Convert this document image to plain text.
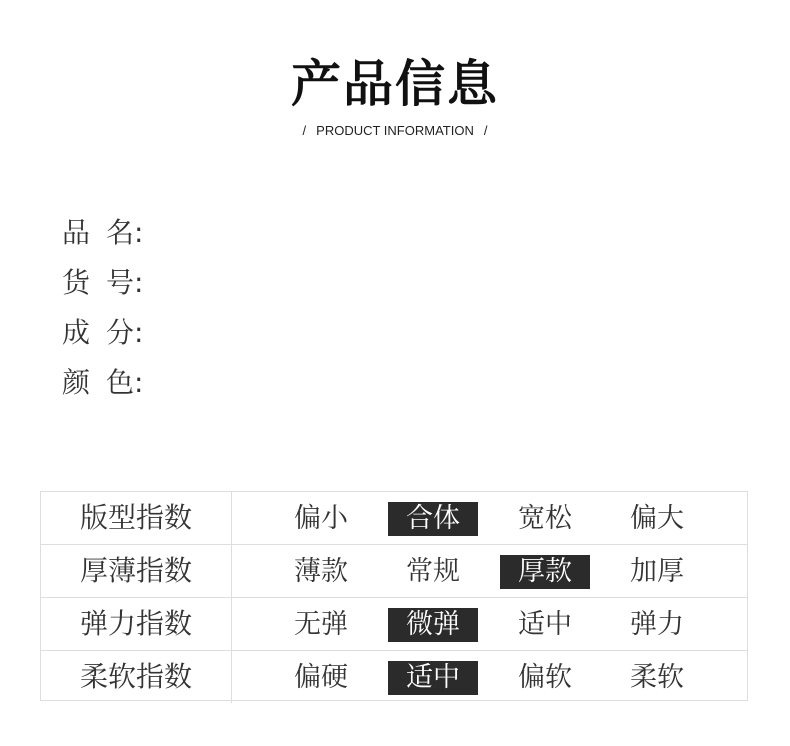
产品信息
/ PRODUCT INFORMATION /
品 名:
货 号:
成 分:
颜 色:
版型指数	偏小	合体	宽松	偏大
厚薄指数	薄款	常规	厚款	加厚
弹力指数	无弹	微弹	适中	弹力
柔软指数	偏硬	适中	偏软	柔软
